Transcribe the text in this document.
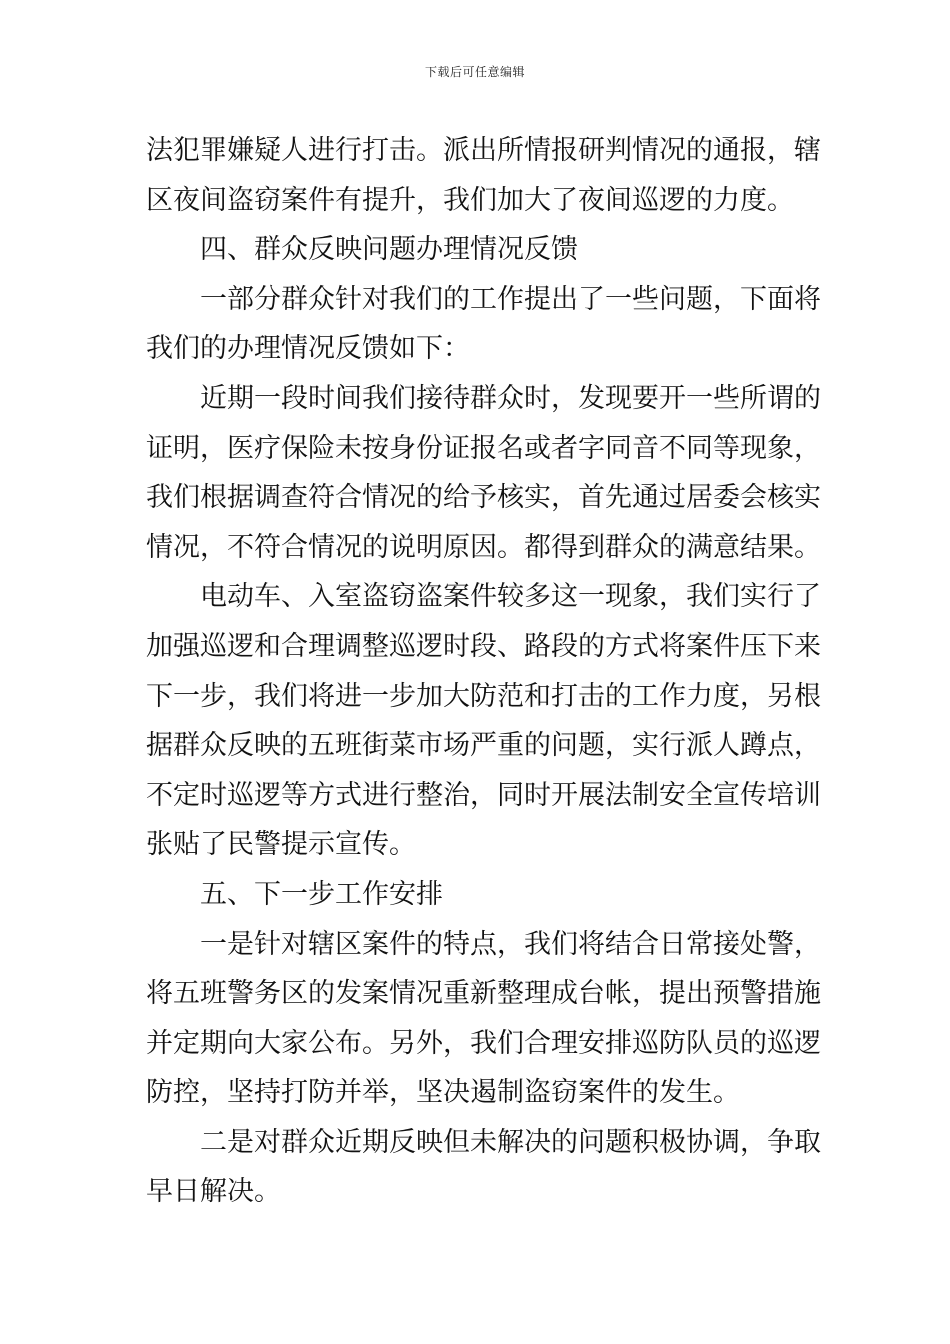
下载后可任意编辑
法犯罪嫌疑人进行打击。派出所情报研判情况的通报，辖
区夜间盗窃案件有提升，我们加大了夜间巡逻的力度。
四、群众反映问题办理情况反馈
一部分群众针对我们的工作提出了一些问题，下面将
我们的办理情况反馈如下：
近期一段时间我们接待群众时，发现要开一些所谓的
证明，医疗保险未按身份证报名或者字同音不同等现象，
我们根据调查符合情况的给予核实，首先通过居委会核实
情况，不符合情况的说明原因。都得到群众的满意结果。
电动车、入室盗窃盗案件较多这一现象，我们实行了
加强巡逻和合理调整巡逻时段、路段的方式将案件压下来
下一步，我们将进一步加大防范和打击的工作力度，另根
据群众反映的五班街菜市场严重的问题，实行派人蹲点，
不定时巡逻等方式进行整治，同时开展法制安全宣传培训
张贴了民警提示宣传。
五、下一步工作安排
一是针对辖区案件的特点，我们将结合日常接处警，
将五班警务区的发案情况重新整理成台帐，提出预警措施
并定期向大家公布。另外，我们合理安排巡防队员的巡逻
防控，坚持打防并举，坚决遏制盗窃案件的发生。
二是对群众近期反映但未解决的问题积极协调，争取
早日解决。
